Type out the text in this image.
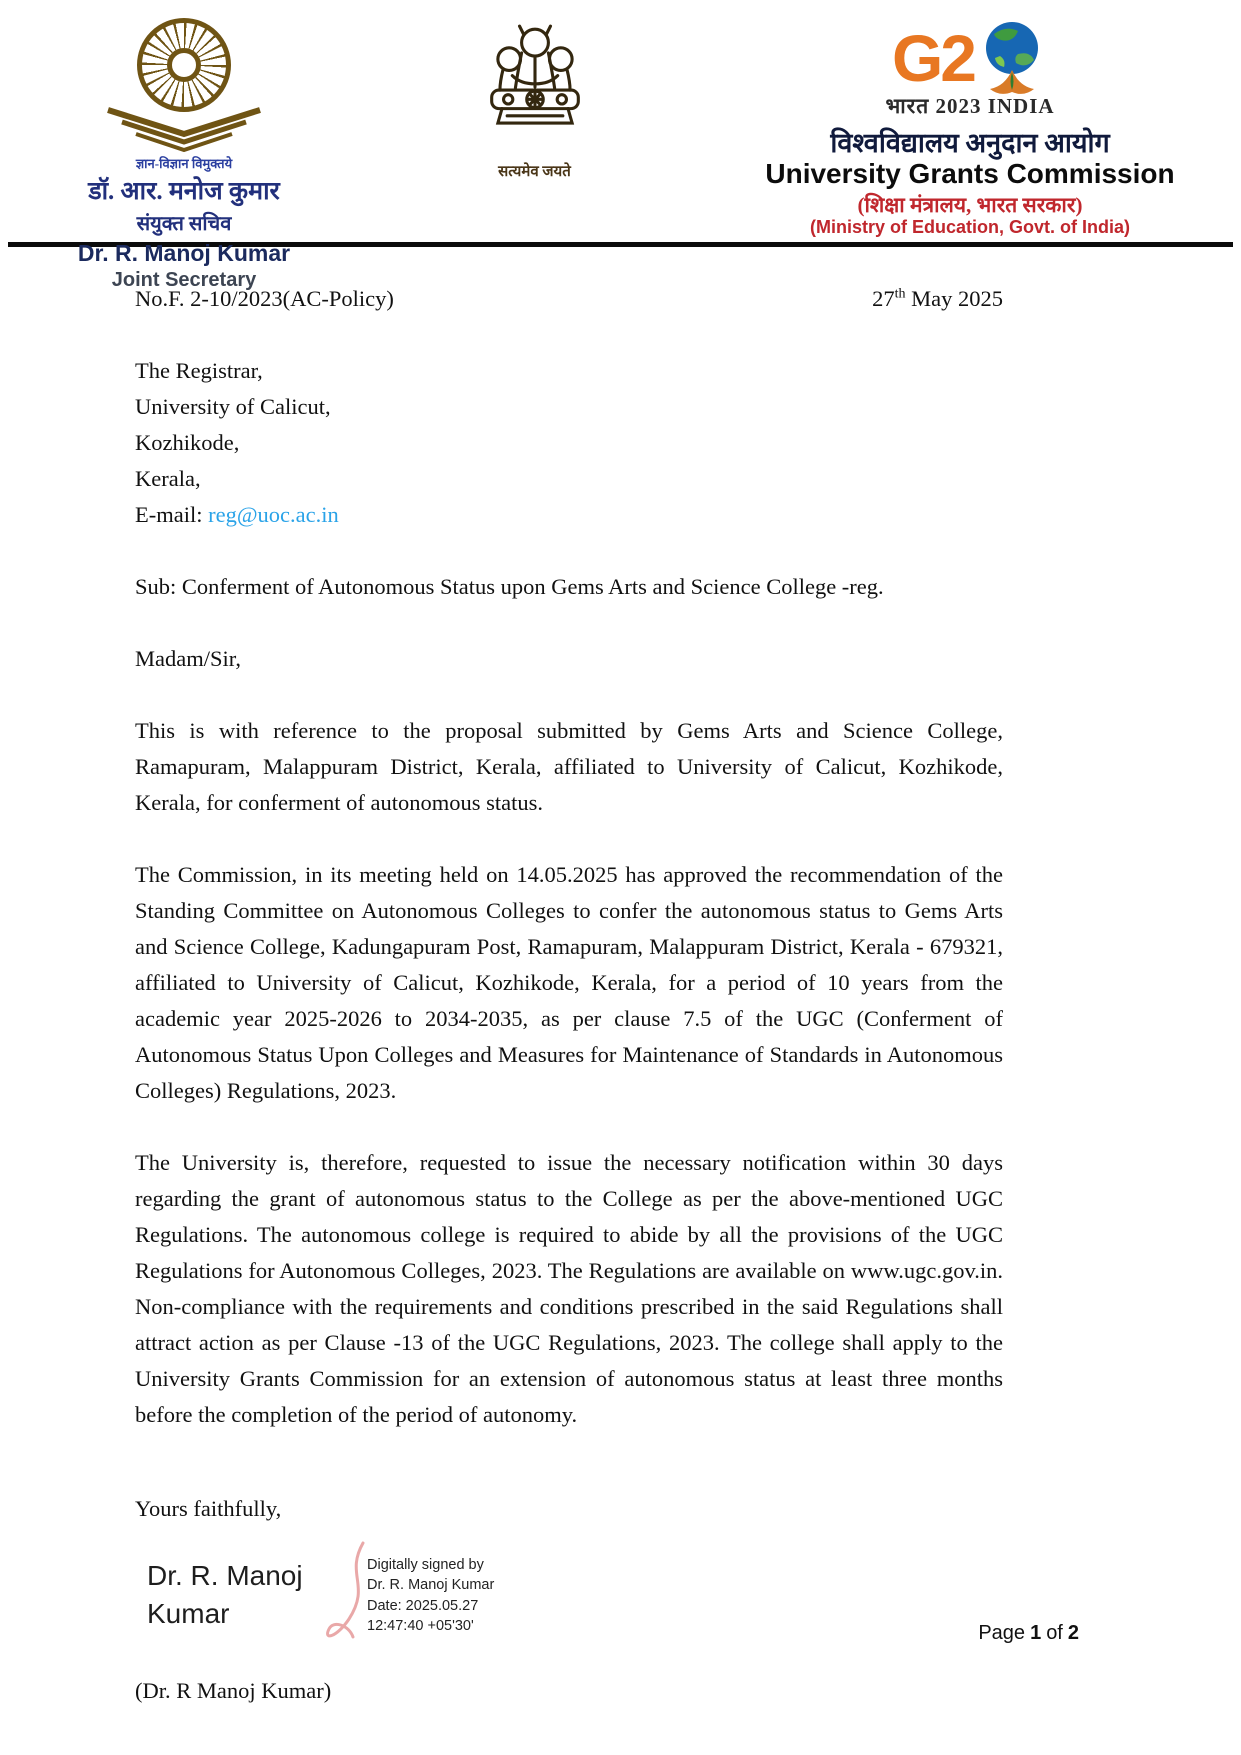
ज्ञान-विज्ञान विमुक्तये
डॉ. आर. मनोज कुमार
संयुक्त सचिव
Dr. R. Manoj Kumar
Joint Secretary
सत्यमेव जयते
G2
भारत 2023 INDIA
विश्वविद्यालय अनुदान आयोग
University Grants Commission
(शिक्षा मंत्रालय, भारत सरकार)
(Ministry of Education, Govt. of India)
No.F. 2-10/2023(AC-Policy)	27th May 2025
The Registrar,
University of Calicut,
Kozhikode,
Kerala,
E-mail: reg@uoc.ac.in
Sub: Conferment of Autonomous Status upon Gems Arts and Science College -reg.
Madam/Sir,
This is with reference to the proposal submitted by Gems Arts and Science College, Ramapuram, Malappuram District, Kerala, affiliated to University of Calicut, Kozhikode, Kerala, for conferment of autonomous status.
The Commission, in its meeting held on 14.05.2025 has approved the recommendation of the Standing Committee on Autonomous Colleges to confer the autonomous status to Gems Arts and Science College, Kadungapuram Post, Ramapuram, Malappuram District, Kerala - 679321, affiliated to University of Calicut, Kozhikode, Kerala, for a period of 10 years from the academic year 2025-2026 to 2034-2035, as per clause 7.5 of the UGC (Conferment of Autonomous Status Upon Colleges and Measures for Maintenance of Standards in Autonomous Colleges) Regulations, 2023.
The University is, therefore, requested to issue the necessary notification within 30 days regarding the grant of autonomous status to the College as per the above-mentioned UGC Regulations. The autonomous college is required to abide by all the provisions of the UGC Regulations for Autonomous Colleges, 2023. The Regulations are available on www.ugc.gov.in. Non-compliance with the requirements and conditions prescribed in the said Regulations shall attract action as per Clause -13 of the UGC Regulations, 2023. The college shall apply to the University Grants Commission for an extension of autonomous status at least three months before the completion of the period of autonomy.
Yours faithfully,
Dr. R. Manoj
Kumar
Digitally signed by
Dr. R. Manoj Kumar
Date: 2025.05.27
12:47:40 +05'30'
(Dr. R Manoj Kumar)
Page 1 of 2
